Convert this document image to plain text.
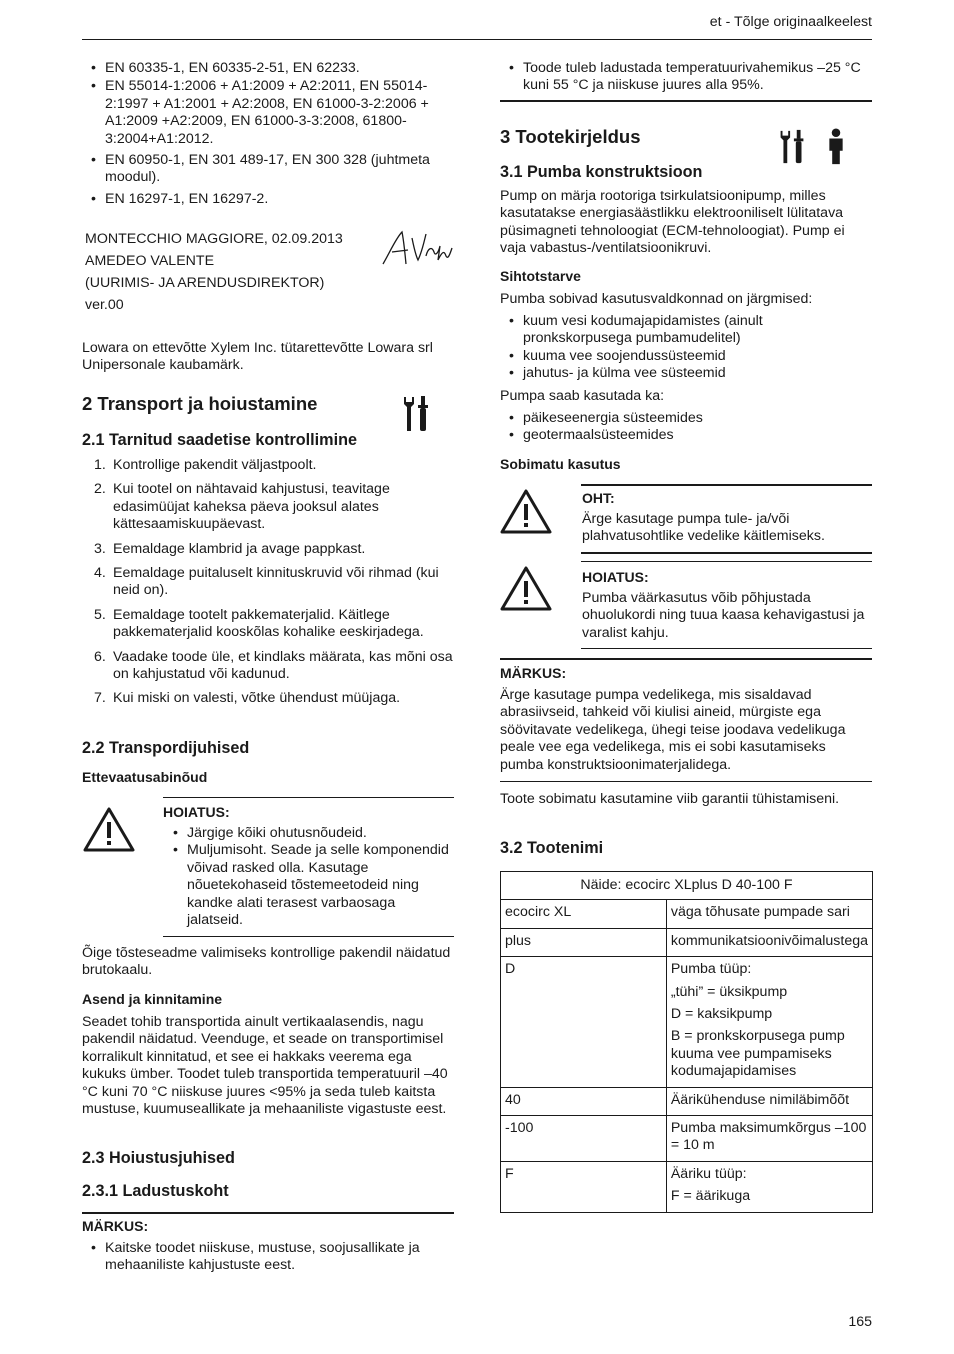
et - Tõlge originaalkeelest
• EN 60335-1, EN 60335-2-51, EN 62233.
• EN 55014-1:2006 + A1:2009 + A2:2011, EN 55014-2:1997 + A1:2001 + A2:2008, EN 61000-3-2:2006 + A1:2009 +A2:2009, EN 61000-3-3:2008, 61800-3:2004+A1:2012.
• EN 60950-1, EN 301 489-17, EN 300 328 (juhtmeta moodul).
• EN 16297-1, EN 16297-2.
MONTECCHIO MAGGIORE, 02.09.2013
AMEDEO VALENTE
(UURIMIS- JA ARENDUSDIREKTOR)
ver.00
Lowara on ettevõtte Xylem Inc. tütarettevõtte Lowara srl Unipersonale kaubamärk.
2 Transport ja hoiustamine
2.1 Tarnitud saadetise kontrollimine
1. Kontrollige pakendit väljastpoolt.
2. Kui tootel on nähtavaid kahjustusi, teavitage edasimüüjat kaheksa päeva jooksul alates kättesaamiskuupäevast.
3. Eemaldage klambrid ja avage pappkast.
4. Eemaldage puitaluselt kinnituskruvid või rihmad (kui neid on).
5. Eemaldage tootelt pakkematerjalid. Käitlege pakkematerjalid kooskõlas kohalike eeskirjadega.
6. Vaadake toode üle, et kindlaks määrata, kas mõni osa on kahjustatud või kadunud.
7. Kui miski on valesti, võtke ühendust müüjaga.
2.2 Transpordijuhised
Ettevaatusabinõud
HOIATUS:
• Järgige kõiki ohutusnõudeid.
• Muljumisoht. Seade ja selle komponendid võivad rasked olla. Kasutage nõuetekohaseid tõstemeetodeid ning kandke alati terasest varbaosaga jalatseid.
Õige tõsteseadme valimiseks kontrollige pakendil näidatud brutokaalu.
Asend ja kinnitamine
Seadet tohib transportida ainult vertikaalasendis, nagu pakendil näidatud. Veenduge, et seade on transportimisel korralikult kinnitatud, et see ei hakkaks veerema ega kukuks ümber. Toodet tuleb transportida temperatuuril –40 °C kuni 70 °C niiskuse juures <95% ja seda tuleb kaitsta mustuse, kuumuseallikate ja mehaaniliste vigastuste eest.
2.3 Hoiustusjuhised
2.3.1 Ladustuskoht
MÄRKUS:
• Kaitske toodet niiskuse, mustuse, soojusallikate ja mehaaniliste kahjustuste eest.
• Toode tuleb ladustada temperatuurivahemikus –25 °C kuni 55 °C ja niiskuse juures alla 95%.
3 Tootekirjeldus
3.1 Pumba konstruktsioon
Pump on märja rootoriga tsirkulatsioonipump, milles kasutatakse energiasäästlikku elektrooniliselt lülitatava püsimagneti tehnoloogiat (ECM-tehnoloogiat). Pump ei vaja vabastus-/ventilatsioonikruvi.
Sihtotstarve
Pumba sobivad kasutusvaldkonnad on järgmised:
• kuum vesi kodumajapidamistes (ainult pronkskorpusega pumbamudelitel)
• kuuma vee soojendussüsteemid
• jahutus- ja külma vee süsteemid
Pumpa saab kasutada ka:
• päikeseenergia süsteemides
• geotermaalsüsteemides
Sobimatu kasutus
OHT:
Ärge kasutage pumpa tule- ja/või plahvatusohtlike vedelike käitlemiseks.
HOIATUS:
Pumba väärkasutus võib põhjustada ohuolukordi ning tuua kaasa kehavigastusi ja varalist kahju.
MÄRKUS:
Ärge kasutage pumpa vedelikega, mis sisaldavad abrasiivseid, tahkeid või kiulisi aineid, mürgiste ega söövitavate vedelikega, ühegi teise joodava vedelikuga peale vee ega vedelikega, mis ei sobi kasutamiseks pumba konstruktsioonimaterjalidega.
Toote sobimatu kasutamine viib garantii tühistamiseni.
3.2 Tootenimi
Näide: ecocirc XLplus D 40-100 F	
ecocirc XL	väga tõhusate pumpade sari
plus	kommunikatsioonivõimalustega
D	Pumba tüüp:
„tühi” = üksikpump
D = kaksikpump
B = pronkskorpusega pump kuuma vee pumpamiseks kodumajapidamises

40	Äärikühenduse nimiläbimõõt
-100	Pumba maksimumkõrgus –100 = 10 m
F	Ääriku tüüp:
F = äärikuga
165
